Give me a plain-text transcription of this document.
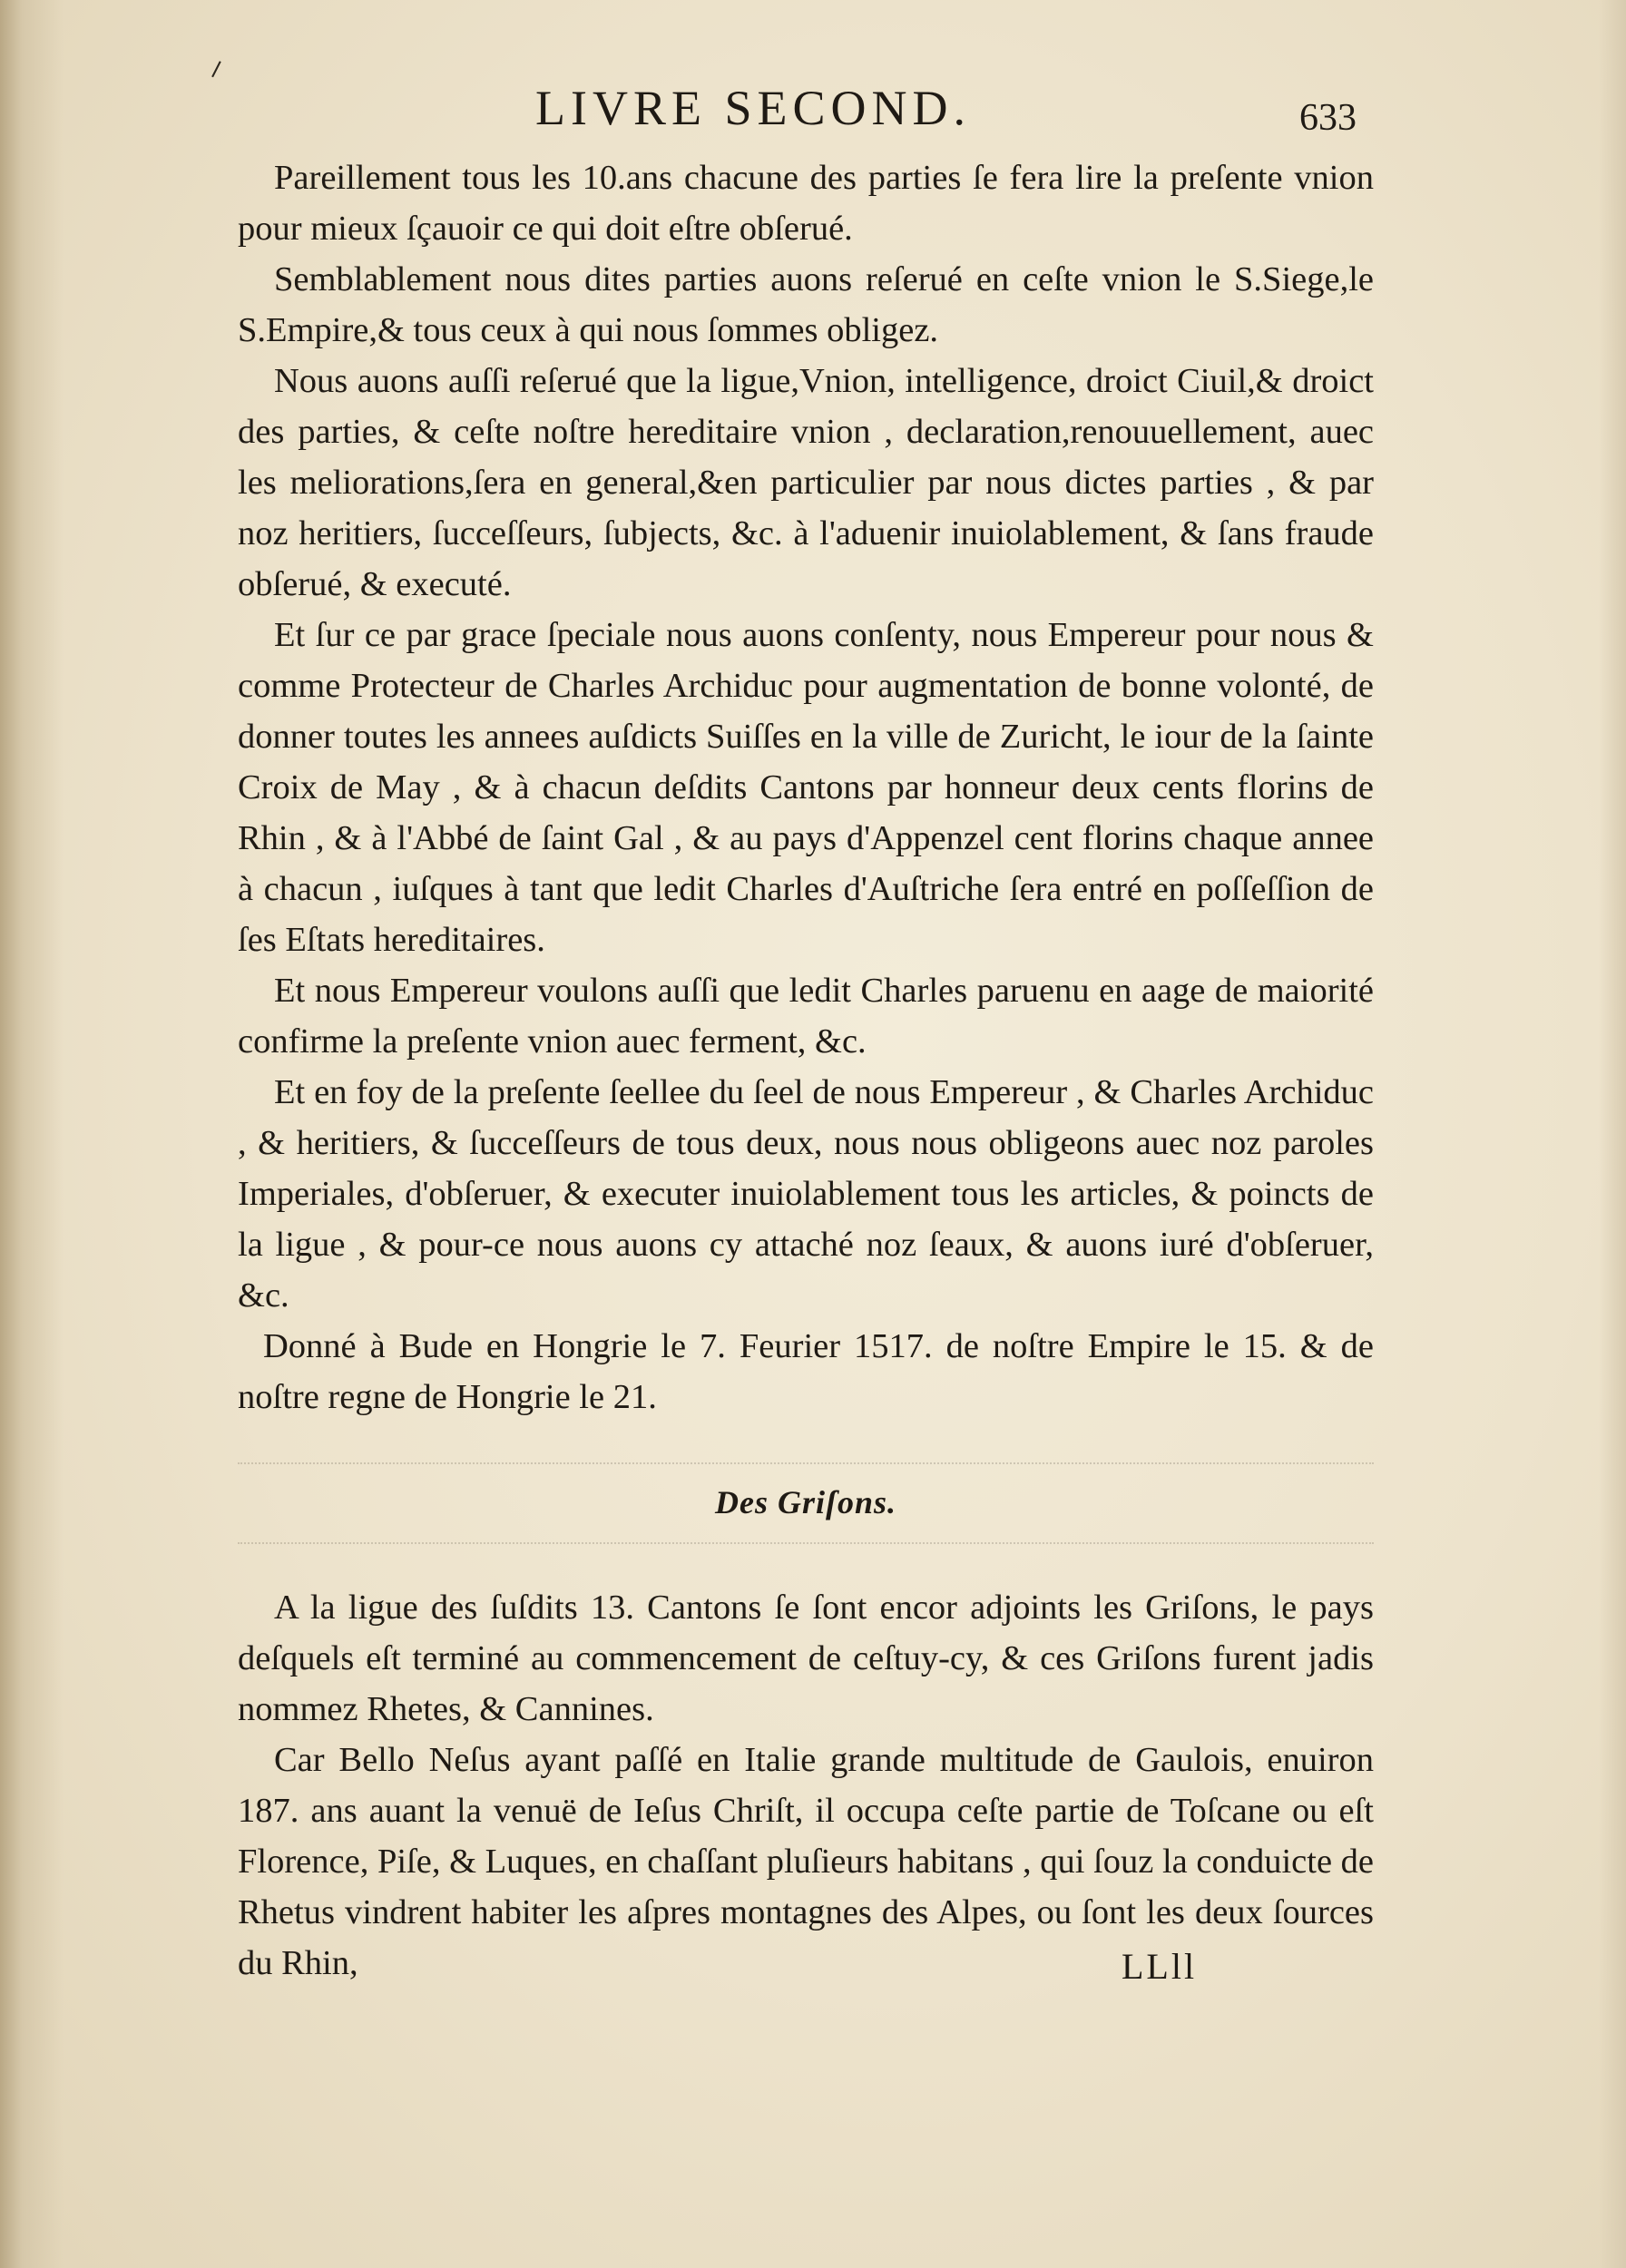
⸝
LIVRE SECOND.	633

Pareillement tous les 10.ans chacune des parties ſe fera lire la preſente vnion pour mieux ſçauoir ce qui doit eſtre obſerué.

Semblablement nous dites parties auons reſerué en ceſte vnion le S.Siege,le S.Empire,& tous ceux à qui nous ſommes obligez.

Nous auons auſſi reſerué que la ligue,Vnion, intelligence, droict Ciuil,& droict des parties, & ceſte noſtre hereditaire vnion , declaration,renouuellement, auec les meliorations,ſera en general,&en particulier par nous dictes parties , & par noz heritiers, ſucceſſeurs, ſubjects, &c. à l'aduenir inuiolablement, & ſans fraude obſerué, & executé.

Et ſur ce par grace ſpeciale nous auons conſenty, nous Empereur pour nous & comme Protecteur de Charles Archiduc pour augmentation de bonne volonté, de donner toutes les annees auſdicts Suiſſes en la ville de Zuricht, le iour de la ſainte Croix de May , & à chacun deſdits Cantons par honneur deux cents florins de Rhin , & à l'Abbé de ſaint Gal , & au pays d'Appenzel cent florins chaque annee à chacun , iuſques à tant que ledit Charles d'Auſtriche ſera entré en poſſeſſion de ſes Eſtats hereditaires.

Et nous Empereur voulons auſſi que ledit Charles paruenu en aage de maiorité confirme la preſente vnion auec ferment, &c.

Et en foy de la preſente ſeellee du ſeel de nous Empereur , & Charles Archiduc , & heritiers, & ſucceſſeurs de tous deux, nous nous obligeons auec noz paroles Imperiales, d'obſeruer, & executer inuiolablement tous les articles, & poincts de la ligue , & pour-ce nous auons cy attaché noz ſeaux, & auons iuré d'obſeruer, &c.

Donné à Bude en Hongrie le 7. Feurier 1517. de noſtre Empire le 15. & de noſtre regne de Hongrie le 21.

Des Griſons.

A la ligue des ſuſdits 13. Cantons ſe ſont encor adjoints les Griſons, le pays deſquels eſt terminé au commencement de ceſtuy-cy, & ces Griſons furent jadis nommez Rhetes, & Cannines.

Car Bello Neſus ayant paſſé en Italie grande multitude de Gaulois, enuiron 187. ans auant la venuë de Ieſus Chriſt, il occupa ceſte partie de Toſcane ou eſt Florence, Piſe, & Luques, en chaſſant pluſieurs habitans , qui ſouz la conduicte de Rhetus vindrent habiter les aſpres montagnes des Alpes, ou ſont les deux ſources du Rhin,	LLll
